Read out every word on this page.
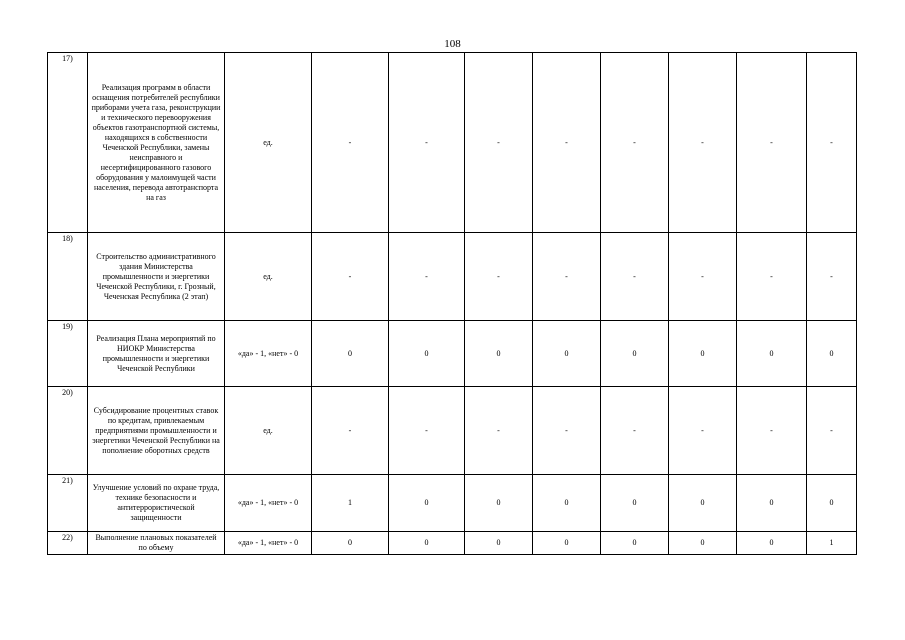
108
17)	Реализация программ в области оснащения потребителей республики приборами учета газа, реконструкции и технического перевооружения объектов газотранспортной системы, находящихся в собственности Чеченской Республики, замены неисправного и несертифицированного газового оборудования у малоимущей части населения, перевода автотранспорта на газ	ед.	-	-	-	-	-	-	-	-
18)	Строительство административного здания Министерства промышленности и энергетики Чеченской Республики, г. Грозный, Чеченская Республика (2 этап)	ед.	-	-	-	-	-	-	-	-
19)	Реализация Плана мероприятий по НИОКР Министерства промышленности и энергетики Чеченской Республики	«да» - 1, «нет» - 0	0	0	0	0	0	0	0	0
20)	Субсидирование процентных ставок по кредитам, привлекаемым предприятиями промышленности и энергетики Чеченской Республики на пополнение оборотных средств	ед.	-	-	-	-	-	-	-	-
21)	Улучшение условий по охране труда, технике безопасности и антитеррористической защищенности	«да» - 1, «нет» - 0	1	0	0	0	0	0	0	0
22)	Выполнение плановых показателей по объему	«да» - 1, «нет» - 0	0	0	0	0	0	0	0	1
